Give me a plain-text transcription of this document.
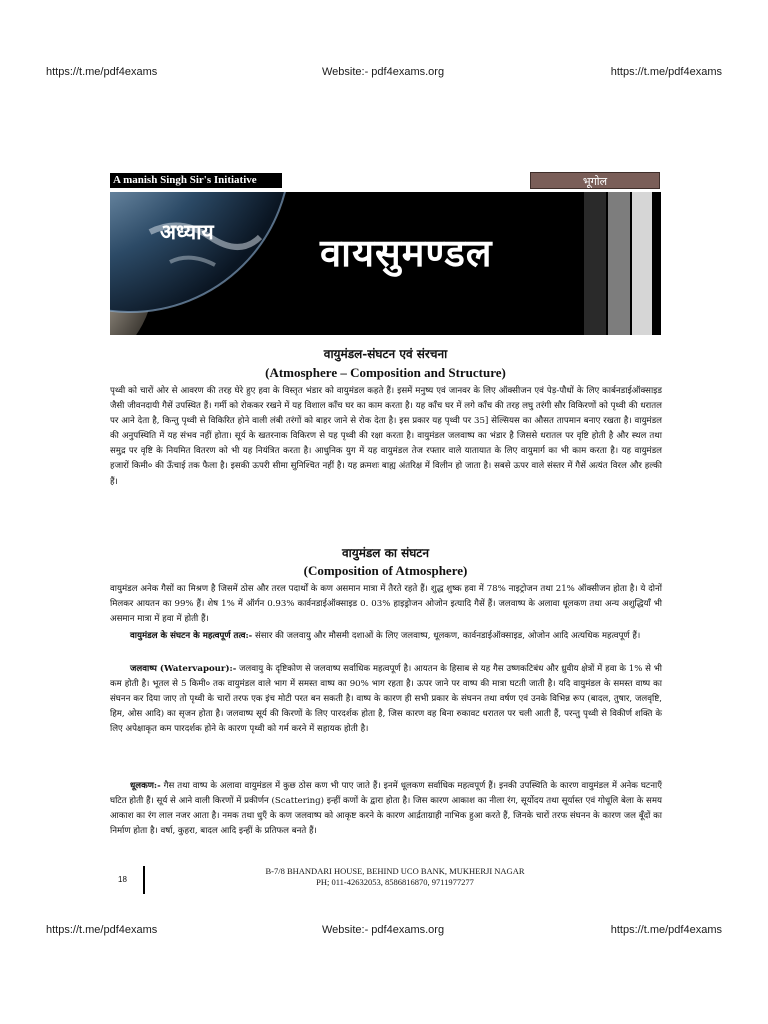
https://t.me/pdf4exams	Website:- pdf4exams.org	https://t.me/pdf4exams
A manish Singh Sir's Initiative	भूगोल
अध्याय	वायसुमण्डल
वायुमंडल-संघटन एवं संरचना
(Atmosphere – Composition and Structure)

पृथ्वी को चारों ओर से आवरण की तरह घेरे हुए हवा के विस्तृत भंडार को वायुमंडल कहते हैं। इसमें मनुष्य एवं जानवर के लिए ऑक्सीजन एवं पेड़-पौधों के लिए कार्बनडाईऑक्साइड जैसी जीवनदायी गैसें उपस्थित हैं। गर्मी को रोककर रखने में यह विशाल काँच घर का काम करता है। यह काँच घर में लगे काँच की तरह लघु तरंगी सौर विकिरणों को पृथ्वी की धरातल पर आने देता है, किन्तु पृथ्वी से विकिरित होने वाली लंबी तरंगों को बाहर जाने से रोक देता है। इस प्रकार यह पृथ्वी पर 35] सेल्सियस का औसत तापमान बनाए रखता है। वायुमंडल की अनुपस्थिति में यह संभव नहीं होता। सूर्य के खतरनाक विकिरण से यह पृथ्वी की रक्षा करता है। वायुमंडल जलवाष्प का भंडार है जिससे धरातल पर वृष्टि होती है और स्थल तथा समुद्र पर वृष्टि के नियमित वितरण को भी यह नियंत्रित करता है। आधुनिक युग में यह वायुमंडल तेज रफ्तार वाले यातायात के लिए वायुमार्ग का भी काम करता है। यह वायुमंडल हजारों किमी० की ऊँचाई तक फैला है। इसकी ऊपरी सीमा सुनिश्चित नहीं है। यह क्रमशः बाह्य अंतरिक्ष में विलीन हो जाता है। सबसे ऊपर वाले संस्तर में गैसें अत्यंत विरल और हल्की हैं।

वायुमंडल का संघटन
(Composition of Atmosphere)

वायुमंडल अनेक गैसों का मिश्रण है जिसमें ठोस और तरल पदार्थों के कण असमान मात्रा में तैरते रहते हैं। शुद्ध शुष्क हवा में 78% नाइट्रोजन तथा 21% ऑक्सीजन होता है। ये दोनों मिलकर आयतन का 99% हैं। शेष 1% में ऑर्गन 0.93% कार्वनडाईऑक्साइड 0. 03% हाइड्रोजन ओजोन इत्यादि गैसें हैं। जलवाष्प के अलावा धूलकण तथा अन्य अशुद्धियाँ भी असमान मात्रा में हवा में होती हैं।

वायुमंडल के संघटन के महत्वपूर्ण तत्व:- संसार की जलवायु और मौसमी दशाओं के लिए जलवाष्प, धूलकण, कार्वनडाईऑक्साइड, ओजोन आदि अत्यधिक महत्वपूर्ण हैं।

जलवाष्प (Watervapour):- जलवायु के दृष्टिकोण से जलवाष्प सर्वाधिक महत्वपूर्ण है। आयतन के हिसाब से यह गैस उष्णकटिबंध और ध्रुवीय क्षेत्रों में हवा के 1% से भी कम होती है। भूतल से 5 किमी० तक वायुमंडल वाले भाग में समस्त वाष्प का 90% भाग रहता है। ऊपर जाने पर वाष्प की मात्रा घटती जाती है। यदि वायुमंडल के समस्त वाष्प का संघनन कर दिया जाए तो पृथ्वी के चारों तरफ एक इंच मोटी परत बन सकती है। वाष्प के कारण ही सभी प्रकार के संघनन तथा वर्षण एवं उनके विभिन्न रूप (बादल, तुषार, जलवृष्टि, हिम, ओस आदि) का सृजन होता है। जलवाष्प सूर्य की किरणों के लिए पारदर्शक होता है, जिस कारण वह बिना रुकावट धरातल पर चली आती हैं, परन्तु पृथ्वी से विकीर्ण शक्ति के लिए अपेक्षाकृत कम पारदर्शक होने के कारण पृथ्वी को गर्म करने में सहायक होती है।

धूलकण:- गैस तथा वाष्प के अलावा वायुमंडल में कुछ ठोस कण भी पाए जाते हैं। इनमें धूलकण सर्वाधिक महत्वपूर्ण हैं। इनकी उपस्थिति के कारण वायुमंडल में अनेक घटनाएँ घटित होती हैं। सूर्य से आने वाली किरणों में प्रकीर्णन (Scattering) इन्हीं कणों के द्वारा होता है। जिस कारण आकाश का नीला रंग, सूर्योदय तथा सूर्यास्त एवं गोधूलि बेला के समय आकाश का रंग लाल नजर आता है। नमक तथा धुएँ के कण जलवाष्प को आकृष्ट करने के कारण आर्द्रताग्राही नाभिक हुआ करते हैं, जिनके चारों तरफ संघनन के कारण जल बूँदों का निर्माण होता है। वर्षा, कुहरा, बादल आदि इन्हीं के प्रतिफल बनते हैं।

18
B-7/8 BHANDARI HOUSE, BEHIND UCO BANK, MUKHERJI NAGAR
PH; 011-42632053, 8586816870, 9711977277
https://t.me/pdf4exams	Website:- pdf4exams.org	https://t.me/pdf4exams
